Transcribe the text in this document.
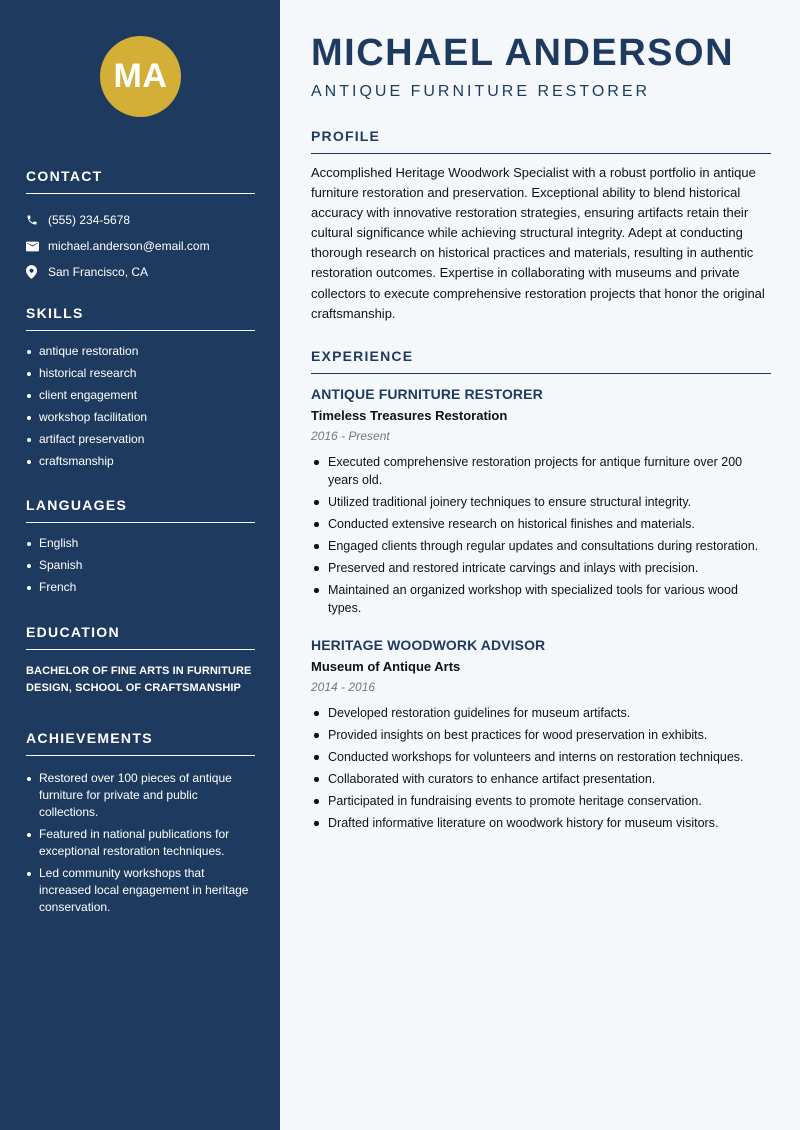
MA
CONTACT
(555) 234-5678
michael.anderson@email.com
San Francisco, CA
SKILLS
antique restoration
historical research
client engagement
workshop facilitation
artifact preservation
craftsmanship
LANGUAGES
English
Spanish
French
EDUCATION
BACHELOR OF FINE ARTS IN FURNITURE DESIGN, SCHOOL OF CRAFTSMANSHIP
ACHIEVEMENTS
Restored over 100 pieces of antique furniture for private and public collections.
Featured in national publications for exceptional restoration techniques.
Led community workshops that increased local engagement in heritage conservation.
MICHAEL ANDERSON
ANTIQUE FURNITURE RESTORER
PROFILE

Accomplished Heritage Woodwork Specialist with a robust portfolio in antique furniture restoration and preservation. Exceptional ability to blend historical accuracy with innovative restoration strategies, ensuring artifacts retain their cultural significance while achieving structural integrity. Adept at conducting thorough research on historical practices and materials, resulting in authentic restoration outcomes. Expertise in collaborating with museums and private collectors to execute comprehensive restoration projects that honor the original craftsmanship.

EXPERIENCE
ANTIQUE FURNITURE RESTORER
Timeless Treasures Restoration
2016 - Present
Executed comprehensive restoration projects for antique furniture over 200 years old.
Utilized traditional joinery techniques to ensure structural integrity.
Conducted extensive research on historical finishes and materials.
Engaged clients through regular updates and consultations during restoration.
Preserved and restored intricate carvings and inlays with precision.
Maintained an organized workshop with specialized tools for various wood types.
HERITAGE WOODWORK ADVISOR
Museum of Antique Arts
2014 - 2016
Developed restoration guidelines for museum artifacts.
Provided insights on best practices for wood preservation in exhibits.
Conducted workshops for volunteers and interns on restoration techniques.
Collaborated with curators to enhance artifact presentation.
Participated in fundraising events to promote heritage conservation.
Drafted informative literature on woodwork history for museum visitors.
